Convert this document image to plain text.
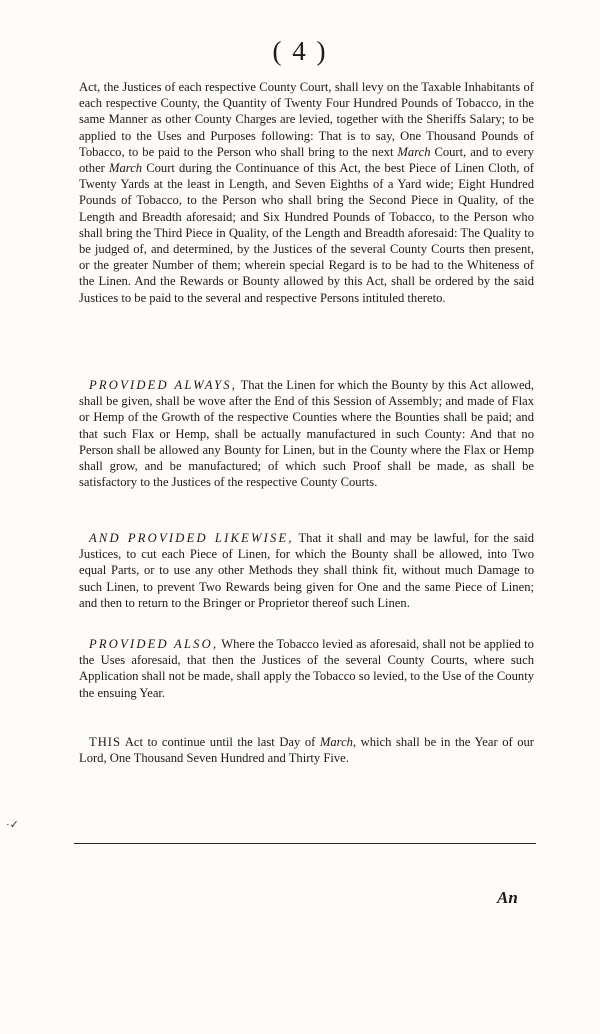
( 4 )

Act, the Justices of each respective County Court, shall levy on the Taxable Inhabitants of each respective County, the Quantity of Twenty Four Hundred Pounds of Tobacco, in the same Manner as other County Charges are levied, together with the Sheriffs Salary; to be applied to the Uses and Purposes following: That is to say, One Thousand Pounds of Tobacco, to be paid to the Person who shall bring to the next March Court, and to every other March Court during the Continuance of this Act, the best Piece of Linen Cloth, of Twenty Yards at the least in Length, and Seven Eighths of a Yard wide; Eight Hundred Pounds of Tobacco, to the Person who shall bring the Second Piece in Quality, of the Length and Breadth aforesaid; and Six Hundred Pounds of Tobacco, to the Person who shall bring the Third Piece in Quality, of the Length and Breadth aforesaid: The Quality to be judged of, and determined, by the Justices of the several County Courts then present, or the greater Number of them; wherein special Regard is to be had to the Whiteness of the Linen. And the Rewards or Bounty allowed by this Act, shall be ordered by the said Justices to be paid to the several and respective Persons intituled thereto.

PROVIDED ALWAYS, That the Linen for which the Bounty by this Act allowed, shall be given, shall be wove after the End of this Session of Assembly; and made of Flax or Hemp of the Growth of the respective Counties where the Bounties shall be paid; and that such Flax or Hemp, shall be actually manufactured in such County: And that no Person shall be allowed any Bounty for Linen, but in the County where the Flax or Hemp shall grow, and be manufactured; of which such Proof shall be made, as shall be satisfactory to the Justices of the respective County Courts.

AND PROVIDED LIKEWISE, That it shall and may be lawful, for the said Justices, to cut each Piece of Linen, for which the Bounty shall be allowed, into Two equal Parts, or to use any other Methods they shall think fit, without much Damage to such Linen, to prevent Two Rewards being given for One and the same Piece of Linen; and then to return to the Bringer or Proprietor thereof such Linen.

PROVIDED ALSO, Where the Tobacco levied as aforesaid, shall not be applied to the Uses aforesaid, that then the Justices of the several County Courts, where such Application shall not be made, shall apply the Tobacco so levied, to the Use of the County the ensuing Year.

THIS Act to continue until the last Day of March, which shall be in the Year of our Lord, One Thousand Seven Hundred and Thirty Five.

·✓
An
